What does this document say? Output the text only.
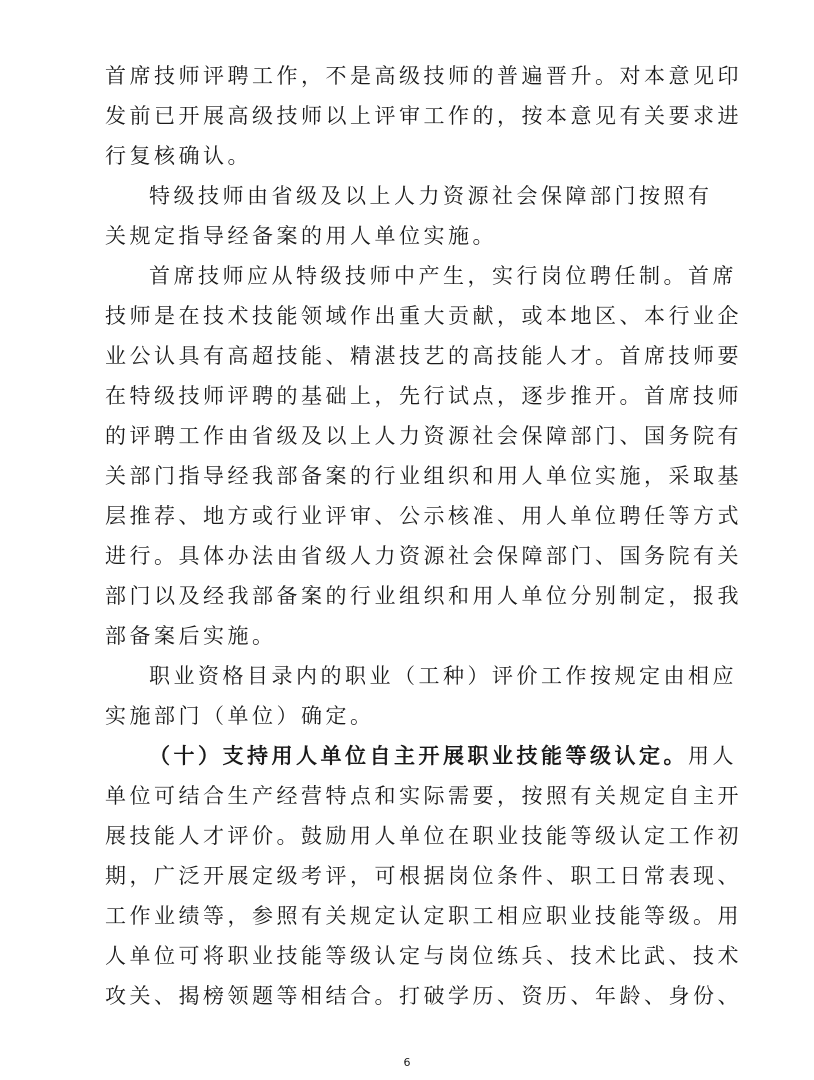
首席技师评聘工作，不是高级技师的普遍晋升。对本意见印
发前已开展高级技师以上评审工作的，按本意见有关要求进
行复核确认。
特级技师由省级及以上人力资源社会保障部门按照有
关规定指导经备案的用人单位实施。
首席技师应从特级技师中产生，实行岗位聘任制。首席
技师是在技术技能领域作出重大贡献，或本地区、本行业企
业公认具有高超技能、精湛技艺的高技能人才。首席技师要
在特级技师评聘的基础上，先行试点，逐步推开。首席技师
的评聘工作由省级及以上人力资源社会保障部门、国务院有
关部门指导经我部备案的行业组织和用人单位实施，采取基
层推荐、地方或行业评审、公示核准、用人单位聘任等方式
进行。具体办法由省级人力资源社会保障部门、国务院有关
部门以及经我部备案的行业组织和用人单位分别制定，报我
部备案后实施。
职业资格目录内的职业（工种）评价工作按规定由相应
实施部门（单位）确定。
（十）支持用人单位自主开展职业技能等级认定。用人
单位可结合生产经营特点和实际需要，按照有关规定自主开
展技能人才评价。鼓励用人单位在职业技能等级认定工作初
期，广泛开展定级考评，可根据岗位条件、职工日常表现、
工作业绩等，参照有关规定认定职工相应职业技能等级。用
人单位可将职业技能等级认定与岗位练兵、技术比武、技术
攻关、揭榜领题等相结合。打破学历、资历、年龄、身份、
6
